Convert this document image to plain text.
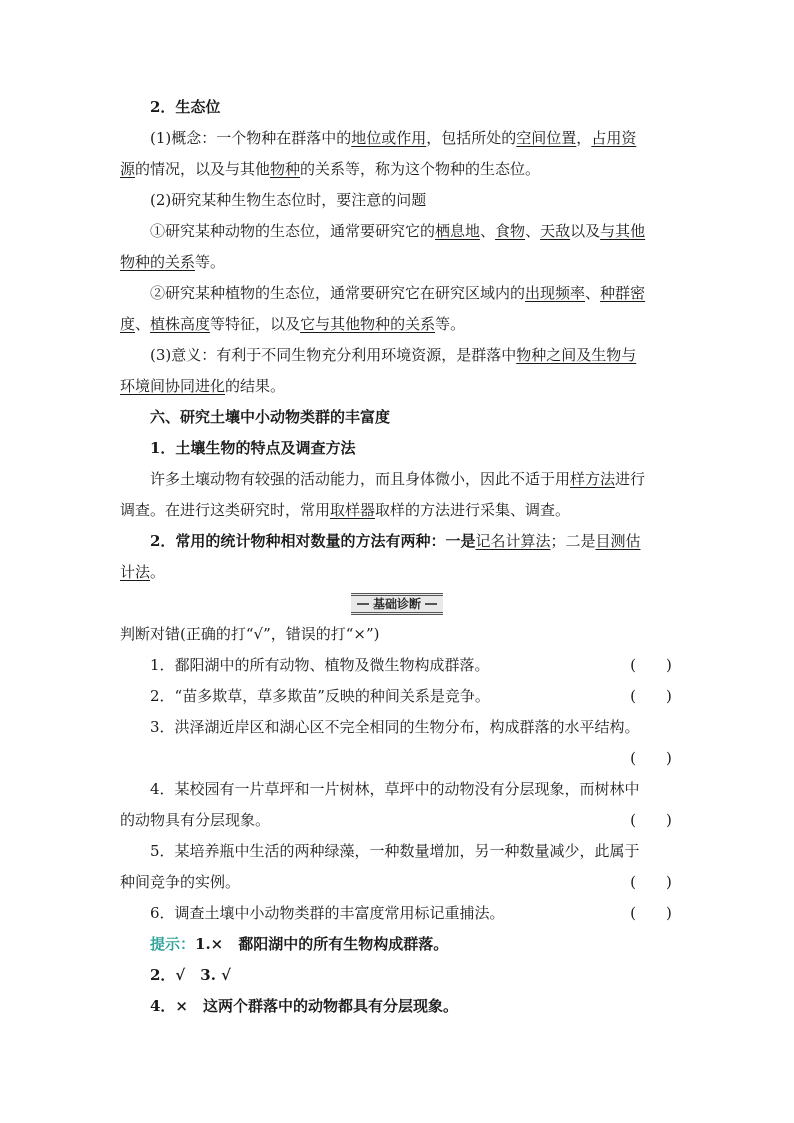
2．生态位
(1)概念：一个物种在群落中的地位或作用，包括所处的空间位置，占用资
源的情况，以及与其他物种的关系等，称为这个物种的生态位。
(2)研究某种生物生态位时，要注意的问题
①研究某种动物的生态位，通常要研究它的栖息地、食物、天敌以及与其他
物种的关系等。
②研究某种植物的生态位，通常要研究它在研究区域内的出现频率、种群密
度、植株高度等特征，以及它与其他物种的关系等。
(3)意义：有利于不同生物充分利用环境资源，是群落中物种之间及生物与
环境间协同进化的结果。
六、研究土壤中小动物类群的丰富度
1．土壤生物的特点及调查方法
许多土壤动物有较强的活动能力，而且身体微小，因此不适于用样方法进行
调查。在进行这类研究时，常用取样器取样的方法进行采集、调查。
2．常用的统计物种相对数量的方法有两种：一是记名计算法；二是目测估
计法。
基础诊断
判断对错(正确的打“√”，错误的打“×”)
1．鄱阳湖中的所有动物、植物及微生物构成群落。	(　　)
2．“苗多欺草，草多欺苗”反映的种间关系是竞争。	(　　)
3．洪泽湖近岸区和湖心区不完全相同的生物分布，构成群落的水平结构。
(　　)
4．某校园有一片草坪和一片树林，草坪中的动物没有分层现象，而树林中
的动物具有分层现象。	(　　)
5．某培养瓶中生活的两种绿藻，一种数量增加，另一种数量减少，此属于
种间竞争的实例。	(　　)
6．调查土壤中小动物类群的丰富度常用标记重捕法。	(　　)
提示：1.×　鄱阳湖中的所有生物构成群落。
2．√　3. √
4．×　这两个群落中的动物都具有分层现象。
